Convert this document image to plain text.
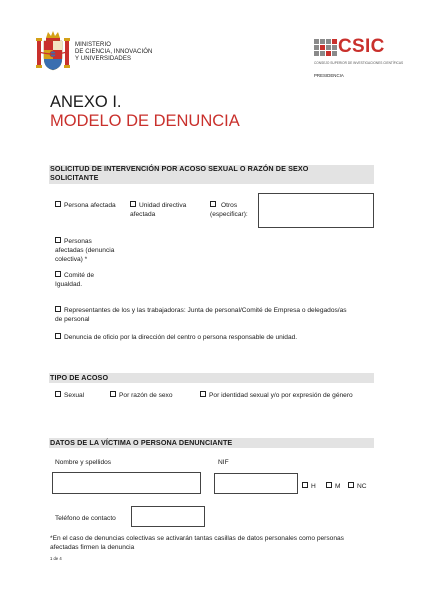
MINISTERIO
DE CIENCIA, INNOVACIÓN
Y UNIVERSIDADES
CSIC
CONSEJO SUPERIOR DE INVESTIGACIONES CIENTÍFICAS
PRESIDENCIA
ANEXO I.
MODELO DE DENUNCIA
SOLICITUD DE INTERVENCIÓN POR ACOSO SEXUAL O RAZÓN DE SEXO
SOLICITANTE
Persona afectada	Unidad directiva
afectada
Otros
(especificar):
Personas
afectadas (denuncia
colectiva) *
Comité de
Igualdad.
Representantes de los y las trabajadoras: Junta de personal/Comité de Empresa o delegados/as
de personal
Denuncia de oficio por la dirección del centro o persona responsable de unidad.
TIPO DE ACOSO
Sexual	Por razón de sexo	Por identidad sexual y/o por expresión de género
DATOS DE LA VÍCTIMA O PERSONA DENUNCIANTE
Nombre y spellidos	NIF
H	M	NC
Teléfono de contacto
*En el caso de denuncias colectivas se activarán tantas casillas de datos personales como personas
afectadas firmen la denuncia
1 de 4
